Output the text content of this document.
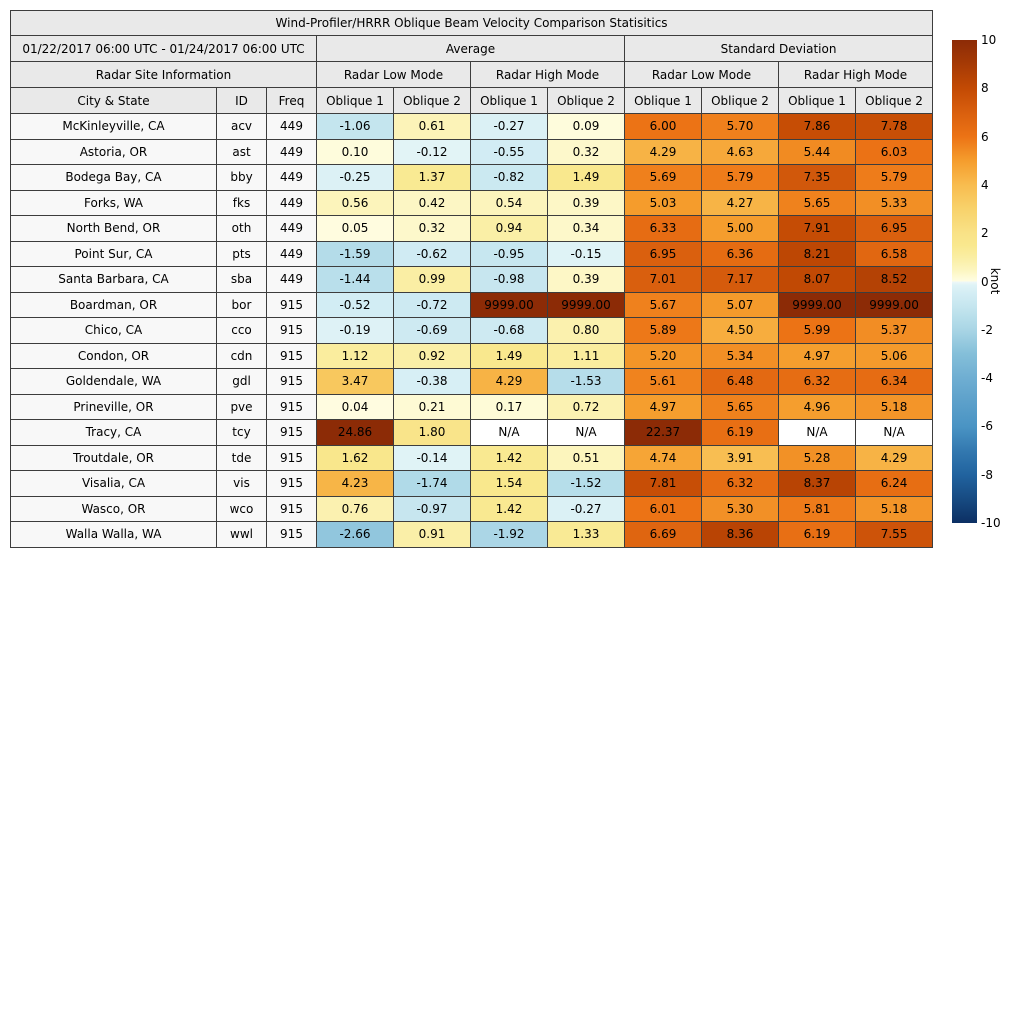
Wind-Profiler/HRRR Oblique Beam Velocity Comparison Statisitics										
01/22/2017 06:00 UTC - 01/24/2017 06:00 UTC			Average				Standard Deviation			
Radar Site Information			Radar Low Mode		Radar High Mode		Radar Low Mode		Radar High Mode	
City & State	ID	Freq	Oblique 1	Oblique 2	Oblique 1	Oblique 2	Oblique 1	Oblique 2	Oblique 1	Oblique 2
McKinleyville, CA	acv	449	-1.06	0.61	-0.27	0.09	6.00	5.70	7.86	7.78
Astoria, OR	ast	449	0.10	-0.12	-0.55	0.32	4.29	4.63	5.44	6.03
Bodega Bay, CA	bby	449	-0.25	1.37	-0.82	1.49	5.69	5.79	7.35	5.79
Forks, WA	fks	449	0.56	0.42	0.54	0.39	5.03	4.27	5.65	5.33
North Bend, OR	oth	449	0.05	0.32	0.94	0.34	6.33	5.00	7.91	6.95
Point Sur, CA	pts	449	-1.59	-0.62	-0.95	-0.15	6.95	6.36	8.21	6.58
Santa Barbara, CA	sba	449	-1.44	0.99	-0.98	0.39	7.01	7.17	8.07	8.52
Boardman, OR	bor	915	-0.52	-0.72	9999.00	9999.00	5.67	5.07	9999.00	9999.00
Chico, CA	cco	915	-0.19	-0.69	-0.68	0.80	5.89	4.50	5.99	5.37
Condon, OR	cdn	915	1.12	0.92	1.49	1.11	5.20	5.34	4.97	5.06
Goldendale, WA	gdl	915	3.47	-0.38	4.29	-1.53	5.61	6.48	6.32	6.34
Prineville, OR	pve	915	0.04	0.21	0.17	0.72	4.97	5.65	4.96	5.18
Tracy, CA	tcy	915	24.86	1.80	N/A	N/A	22.37	6.19	N/A	N/A
Troutdale, OR	tde	915	1.62	-0.14	1.42	0.51	4.74	3.91	5.28	4.29
Visalia, CA	vis	915	4.23	-1.74	1.54	-1.52	7.81	6.32	8.37	6.24
Wasco, OR	wco	915	0.76	-0.97	1.42	-0.27	6.01	5.30	5.81	5.18
Walla Walla, WA	wwl	915	-2.66	0.91	-1.92	1.33	6.69	8.36	6.19	7.55
10
8
6
4
2
0
-2
-4
-6
-8
-10
knot
